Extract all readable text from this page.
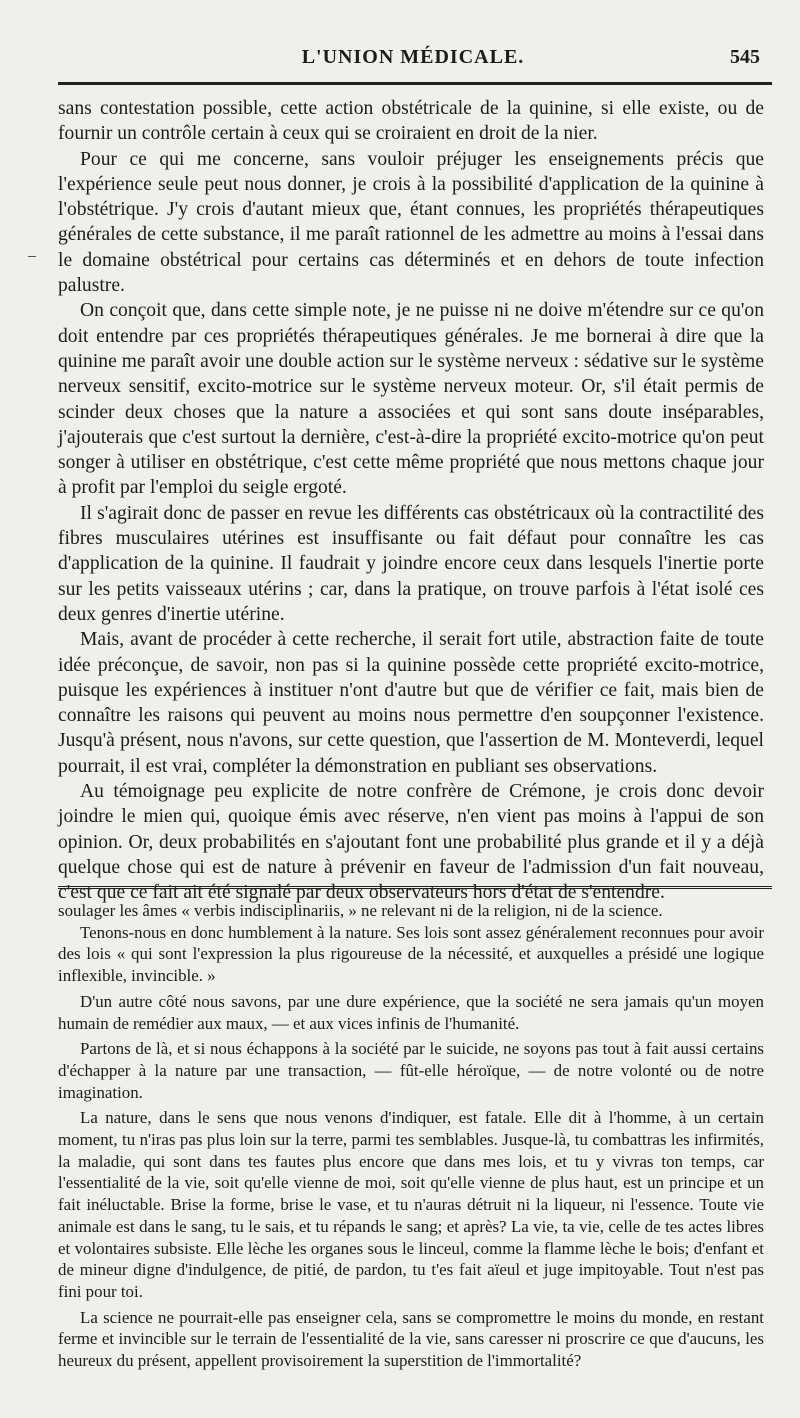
L'UNION MÉDICALE.	545

sans contestation possible, cette action obstétricale de la quinine, si elle existe, ou de fournir un contrôle certain à ceux qui se croiraient en droit de la nier.

Pour ce qui me concerne, sans vouloir préjuger les enseignements précis que l'expérience seule peut nous donner, je crois à la possibilité d'application de la quinine à l'obstétrique. J'y crois d'autant mieux que, étant connues, les propriétés thérapeutiques générales de cette substance, il me paraît rationnel de les admettre au moins à l'essai dans le domaine obstétrical pour certains cas déterminés et en dehors de toute infection palustre.

On conçoit que, dans cette simple note, je ne puisse ni ne doive m'étendre sur ce qu'on doit entendre par ces propriétés thérapeutiques générales. Je me bornerai à dire que la quinine me paraît avoir une double action sur le système nerveux : sédative sur le système nerveux sensitif, excito-motrice sur le système nerveux moteur. Or, s'il était permis de scinder deux choses que la nature a associées et qui sont sans doute inséparables, j'ajouterais que c'est surtout la dernière, c'est-à-dire la propriété excito-motrice qu'on peut songer à utiliser en obstétrique, c'est cette même propriété que nous mettons chaque jour à profit par l'emploi du seigle ergoté.

Il s'agirait donc de passer en revue les différents cas obstétricaux où la contractilité des fibres musculaires utérines est insuffisante ou fait défaut pour connaître les cas d'application de la quinine. Il faudrait y joindre encore ceux dans lesquels l'inertie porte sur les petits vaisseaux utérins ; car, dans la pratique, on trouve parfois à l'état isolé ces deux genres d'inertie utérine.

Mais, avant de procéder à cette recherche, il serait fort utile, abstraction faite de toute idée préconçue, de savoir, non pas si la quinine possède cette propriété excito-motrice, puisque les expériences à instituer n'ont d'autre but que de vérifier ce fait, mais bien de connaître les raisons qui peuvent au moins nous permettre d'en soupçonner l'existence. Jusqu'à présent, nous n'avons, sur cette question, que l'assertion de M. Monteverdi, lequel pourrait, il est vrai, compléter la démonstration en publiant ses observations.

Au témoignage peu explicite de notre confrère de Crémone, je crois donc devoir joindre le mien qui, quoique émis avec réserve, n'en vient pas moins à l'appui de son opinion. Or, deux probabilités en s'ajoutant font une probabilité plus grande et il y a déjà quelque chose qui est de nature à prévenir en faveur de l'admission d'un fait nouveau, c'est que ce fait ait été signalé par deux observateurs hors d'état de s'entendre.

soulager les âmes « verbis indisciplinariis, » ne relevant ni de la religion, ni de la science.

Tenons-nous en donc humblement à la nature. Ses lois sont assez généralement reconnues pour avoir des lois « qui sont l'expression la plus rigoureuse de la nécessité, et auxquelles a présidé une logique inflexible, invincible. »

D'un autre côté nous savons, par une dure expérience, que la société ne sera jamais qu'un moyen humain de remédier aux maux, — et aux vices infinis de l'humanité.

Partons de là, et si nous échappons à la société par le suicide, ne soyons pas tout à fait aussi certains d'échapper à la nature par une transaction, — fût-elle héroïque, — de notre volonté ou de notre imagination.

La nature, dans le sens que nous venons d'indiquer, est fatale. Elle dit à l'homme, à un certain moment, tu n'iras pas plus loin sur la terre, parmi tes semblables. Jusque-là, tu combattras les infirmités, la maladie, qui sont dans tes fautes plus encore que dans mes lois, et tu y vivras ton temps, car l'essentialité de la vie, soit qu'elle vienne de moi, soit qu'elle vienne de plus haut, est un principe et un fait inéluctable. Brise la forme, brise le vase, et tu n'auras détruit ni la liqueur, ni l'essence. Toute vie animale est dans le sang, tu le sais, et tu répands le sang; et après? La vie, ta vie, celle de tes actes libres et volontaires subsiste. Elle lèche les organes sous le linceul, comme la flamme lèche le bois; d'enfant et de mineur digne d'indulgence, de pitié, de pardon, tu t'es fait aïeul et juge impitoyable. Tout n'est pas fini pour toi.

La science ne pourrait-elle pas enseigner cela, sans se compromettre le moins du monde, en restant ferme et invincible sur le terrain de l'essentialité de la vie, sans caresser ni proscrire ce que d'aucuns, les heureux du présent, appellent provisoirement la superstition de l'immortalité?
